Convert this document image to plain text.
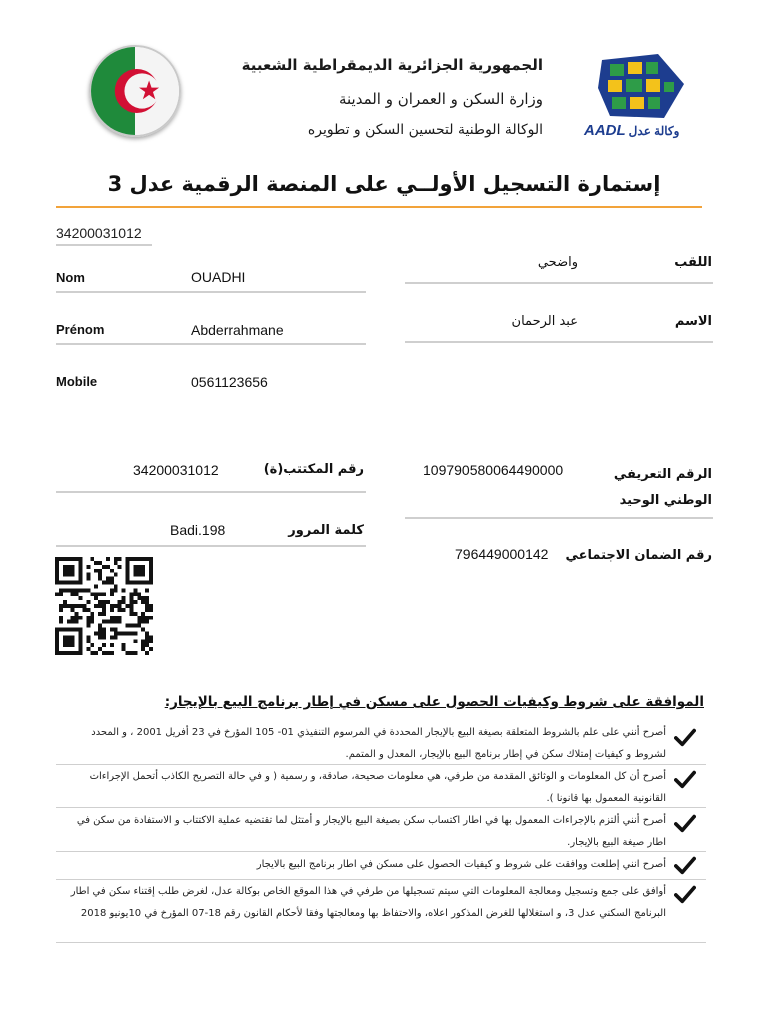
الجمهورية الجزائرية الديمقراطية الشعبية
وزارة السكن و العمران و المدينة
الوكالة الوطنية لتحسين السكن و تطويره	AADL وكالة عدل
إستمارة التسجيل الأولــي على المنصة الرقمية عدل 3
34200031012
Nom	OUADHI
Prénom	Abderrahmane
Mobile	0561123656
اللقب
واضحي
الاسم
عبد الرحمان
رقم المكتتب(ة)
34200031012
كلمة المرور
Badi.198
الرقم التعريفي الوطني الوحيد
109790580064490000
رقم الضمان الاجتماعي
796449000142
الموافقة على شروط وكيفيات الحصول على مسكن في إطار برنامج البيع بالإيجار:
أصرح أنني على علم بالشروط المتعلقة بصيغة البيع بالإيجار المحددة في المرسوم التنفيذي 01- 105 المؤرخ في 23 أفريل 2001 ، و المحدد لشروط و كيفيات إمتلاك سكن في إطار برنامج البيع بالإيجار، المعدل و المتمم.
أصرح أن كل المعلومات و الوثائق المقدمة من طرفي، هي معلومات صحيحة، صادقة، و رسمية ( و في حالة التصريح الكاذب أتحمل الإجراءات القانونية المعمول بها قانونا ).
أصرح أنني ألتزم بالإجراءات المعمول بها في اطار اكتساب سكن بصيغة البيع بالإيجار و أمتثل لما تقتضيه عملية الاكتتاب و الاستفادة من سكن في اطار صيغة البيع بالإيجار.
أصرح انني إطلعت ووافقت على شروط و كيفيات الحصول على مسكن في اطار برنامج البيع بالايجار
أوافق على جمع وتسجيل ومعالجة المعلومات التي سيتم تسجيلها من طرفي في هذا الموقع الخاص بوكالة عدل، لغرض طلب إقتناء سكن في اطار البرنامج السكني عدل 3، و استغلالها للغرض المذكور اعلاه، والاحتفاظ بها ومعالجتها وفقا لأحكام القانون رقم 18-07 المؤرخ في 10يونيو 2018
